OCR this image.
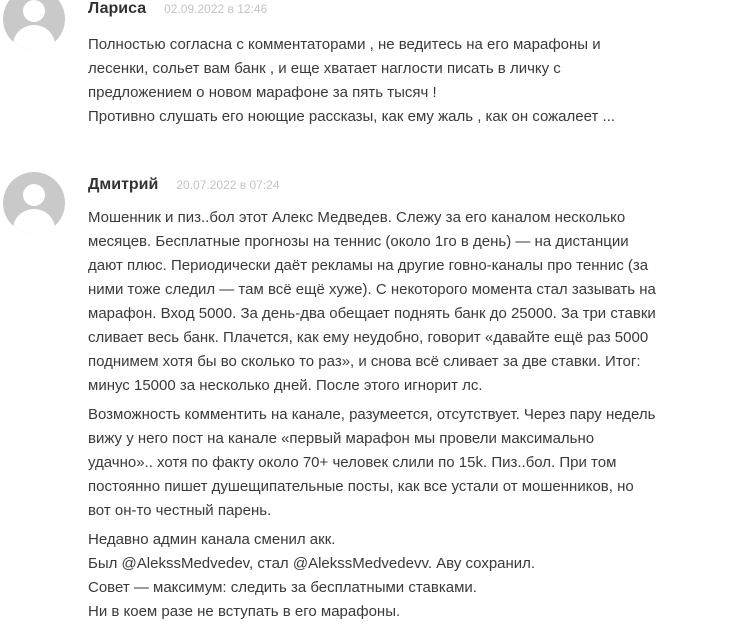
Лариса 02.09.2022 в 12:46
Полностью согласна с комментаторами , не ведитесь на его марафоны и
лесенки, сольет вам банк , и еще хватает наглости писать в личку с
предложением о новом марафоне за пять тысяч !
Противно слушать его ноющие рассказы, как ему жаль , как он сожалеет ...
Дмитрий 20.07.2022 в 07:24
Мошенник и пиз..бол этот Алекс Медведев. Слежу за его каналом несколько
месяцев. Бесплатные прогнозы на теннис (около 1го в день) — на дистанции
дают плюс. Периодически даёт рекламы на другие говно-каналы про теннис (за
ними тоже следил — там всё ещё хуже). С некоторого момента стал зазывать на
марафон. Вход 5000. За день-два обещает поднять банк до 25000. За три ставки
сливает весь банк. Плачется, как ему неудобно, говорит «давайте ещё раз 5000
поднимем хотя бы во сколько то раз», и снова всё сливает за две ставки. Итог:
минус 15000 за несколько дней. После этого игнорит лс.
Возможность комментить на канале, разумеется, отсутствует. Через пару недель
вижу у него пост на канале «первый марафон мы провели максимально
удачно».. хотя по факту около 70+ человек слили по 15k. Пиз..бол. При том
постоянно пишет душещипательные посты, как все устали от мошенников, но
вот он-то честный парень.
Недавно админ канала сменил акк.
Был @AlekssMedvedev, стал @AlekssMedvedevv. Аву сохранил.
Совет — максимум: следить за бесплатными ставками.
Ни в коем разе не вступать в его марафоны.
